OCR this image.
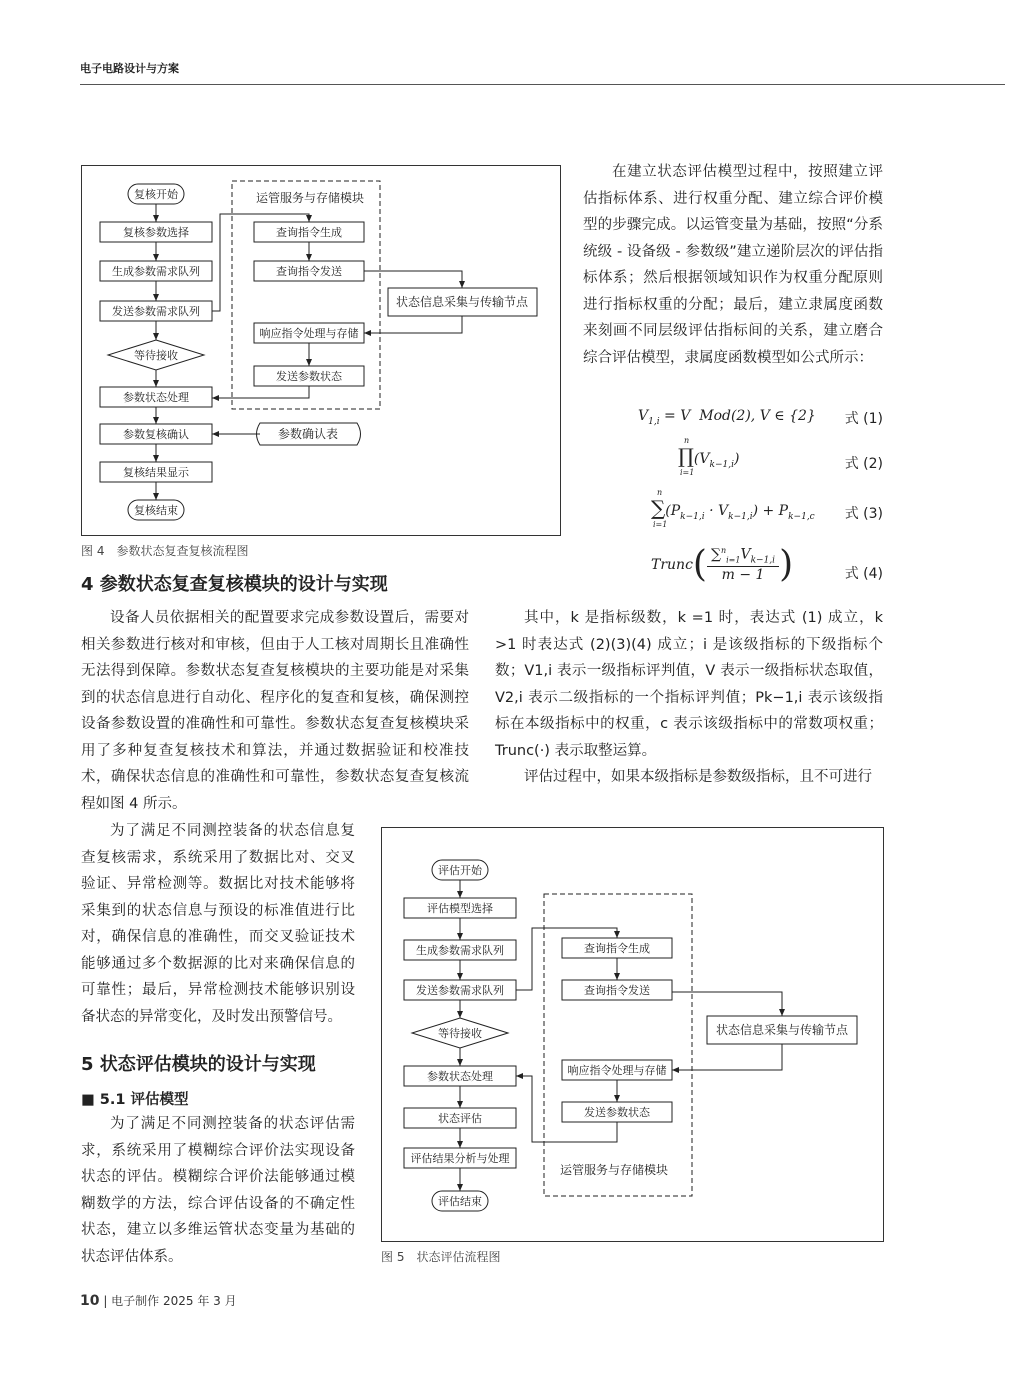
电子电路设计与方案
复核开始
复核参数选择
生成参数需求队列
发送参数需求队列
等待接收
参数状态处理
参数复核确认
复核结果显示
复核结束
运管服务与存储模块
查询指令生成
查询指令发送
响应指令处理与存储
发送参数状态
状态信息采集与传输节点
参数确认表
图 4　参数状态复查复核流程图

在建立状态评估模型过程中，按照建立评估指标体系、进行权重分配、建立综合评价模型的步骤完成。以运管变量为基础，按照“分系统级 - 设备级 - 参数级”建立递阶层次的评估指标体系；然后根据领域知识作为权重分配原则进行指标权重的分配；最后，建立隶属度函数来刻画不同层级评估指标间的关系，建立磨合综合评估模型，隶属度函数模型如公式所示：

$V_{1,i} = V$  Mod(2), V ∈ {2} 式 (1)
∏
n
i=1
$(V_{k-1,i})$	式 (2)
∑
n
i=1
$(P_{k-1,i} \cdot V_{k-1,i}) + P_{k-1,c}$ 式 (3)
Trunc( $\frac{\sum^n_{i=1}V_{k-1,i}}{m - 1}$ )	式 (4)
4 参数状态复查复核模块的设计与实现

设备人员依据相关的配置要求完成参数设置后，需要对相关参数进行核对和审核，但由于人工核对周期长且准确性无法得到保障。参数状态复查复核模块的主要功能是对采集到的状态信息进行自动化、程序化的复查和复核，确保测控设备参数设置的准确性和可靠性。参数状态复查复核模块采用了多种复查复核技术和算法，并通过数据验证和校准技术，确保状态信息的准确性和可靠性，参数状态复查复核流程如图 4 所示。

其中，k 是指标级数，k =1 时，表达式 (1) 成立，k >1 时表达式 (2)(3)(4) 成立；i 是该级指标的下级指标个数；V1,i 表示一级指标评判值，V 表示一级指标状态取值，V2,i 表示二级指标的一个指标评判值；Pk−1,i 表示该级指标在本级指标中的权重，c 表示该级指标中的常数项权重；Trunc(·) 表示取整运算。

评估过程中，如果本级指标是参数级指标，且不可进行

为了满足不同测控装备的状态信息复查复核需求，系统采用了数据比对、交叉验证、异常检测等。数据比对技术能够将采集到的状态信息与预设的标准值进行比对，确保信息的准确性，而交叉验证技术能够通过多个数据源的比对来确保信息的可靠性；最后，异常检测技术能够识别设备状态的异常变化，及时发出预警信号。

5 状态评估模块的设计与实现
■ 5.1 评估模型

为了满足不同测控装备的状态评估需求，系统采用了模糊综合评价法实现设备状态的评估。模糊综合评价法能够通过模糊数学的方法，综合评估设备的不确定性状态，建立以多维运管状态变量为基础的状态评估体系。

评估开始
评估模型选择
生成参数需求队列
发送参数需求队列
等待接收
参数状态处理
状态评估
评估结果分析与处理
评估结束
查询指令生成
查询指令发送
响应指令处理与存储
发送参数状态
运管服务与存储模块
状态信息采集与传输节点
图 5　状态评估流程图
10 | 电子制作 2025 年 3 月
